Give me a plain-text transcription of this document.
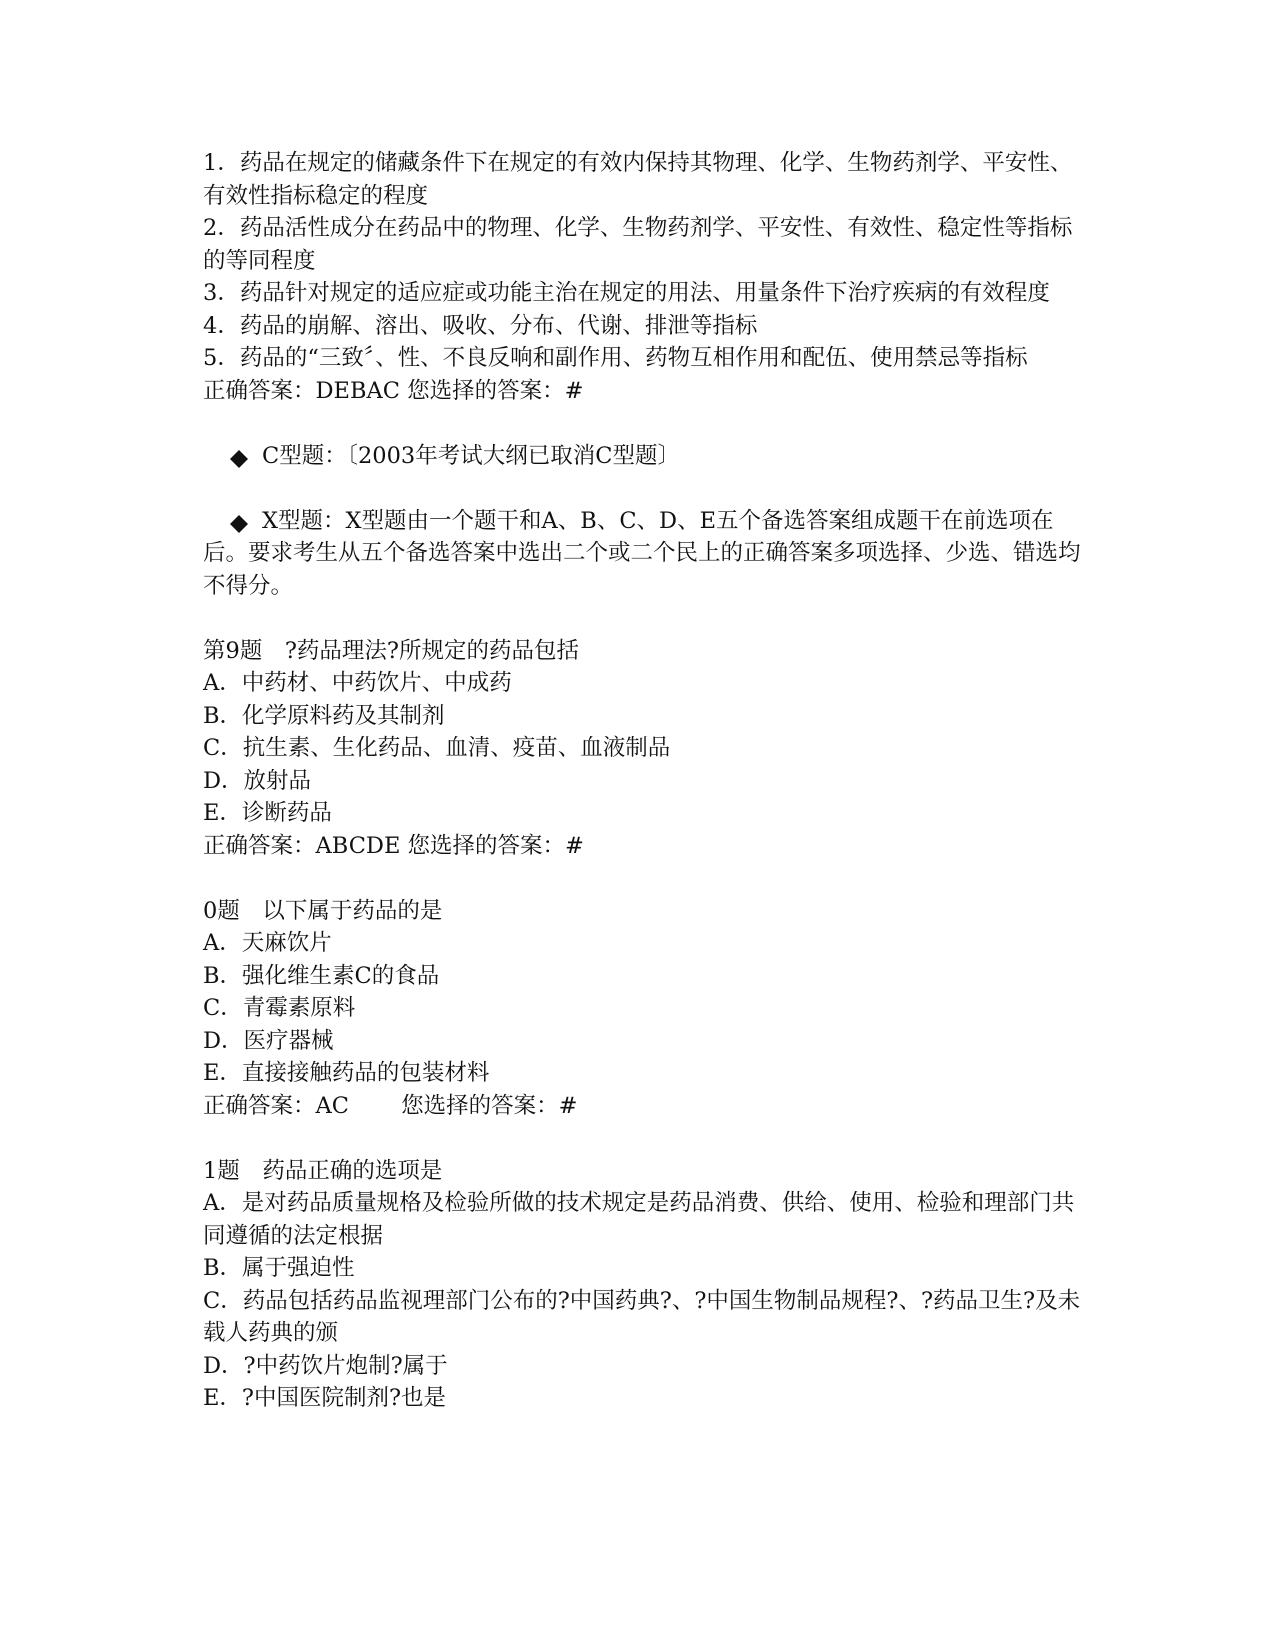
1．药品在规定的储藏条件下在规定的有效内保持其物理、化学、生物药剂学、平安性、有效性指标稳定的程度

2．药品活性成分在药品中的物理、化学、生物药剂学、平安性、有效性、稳定性等指标的等同程度

3．药品针对规定的适应症或功能主治在规定的用法、用量条件下治疗疾病的有效程度

4．药品的崩解、溶出、吸收、分布、代谢、排泄等指标

5．药品的“三致〞、性、不良反响和副作用、药物互相作用和配伍、使用禁忌等指标

正确答案：DEBAC 您选择的答案：#

C型题：〔2003年考试大纲已取消C型题〕

X型题：X型题由一个题干和A、B、C、D、E五个备选答案组成题干在前选项在后。要求考生从五个备选答案中选出二个或二个民上的正确答案多项选择、少选、错选均不得分。

第9题　?药品理法?所规定的药品包括

A．中药材、中药饮片、中成药

B．化学原料药及其制剂

C．抗生素、生化药品、血清、疫苗、血液制品

D．放射品

E．诊断药品

正确答案：ABCDE 您选择的答案：#

0题　以下属于药品的是

A．天麻饮片

B．强化维生素C的食品

C．青霉素原料

D．医疗器械

E．直接接触药品的包装材料

正确答案：AC　　 您选择的答案：#

1题　药品正确的选项是

A．是对药品质量规格及检验所做的技术规定是药品消费、供给、使用、检验和理部门共同遵循的法定根据

B．属于强迫性

C．药品包括药品监视理部门公布的?中国药典?、?中国生物制品规程?、?药品卫生?及未载人药典的颁

D．?中药饮片炮制?属于

E．?中国医院制剂?也是
